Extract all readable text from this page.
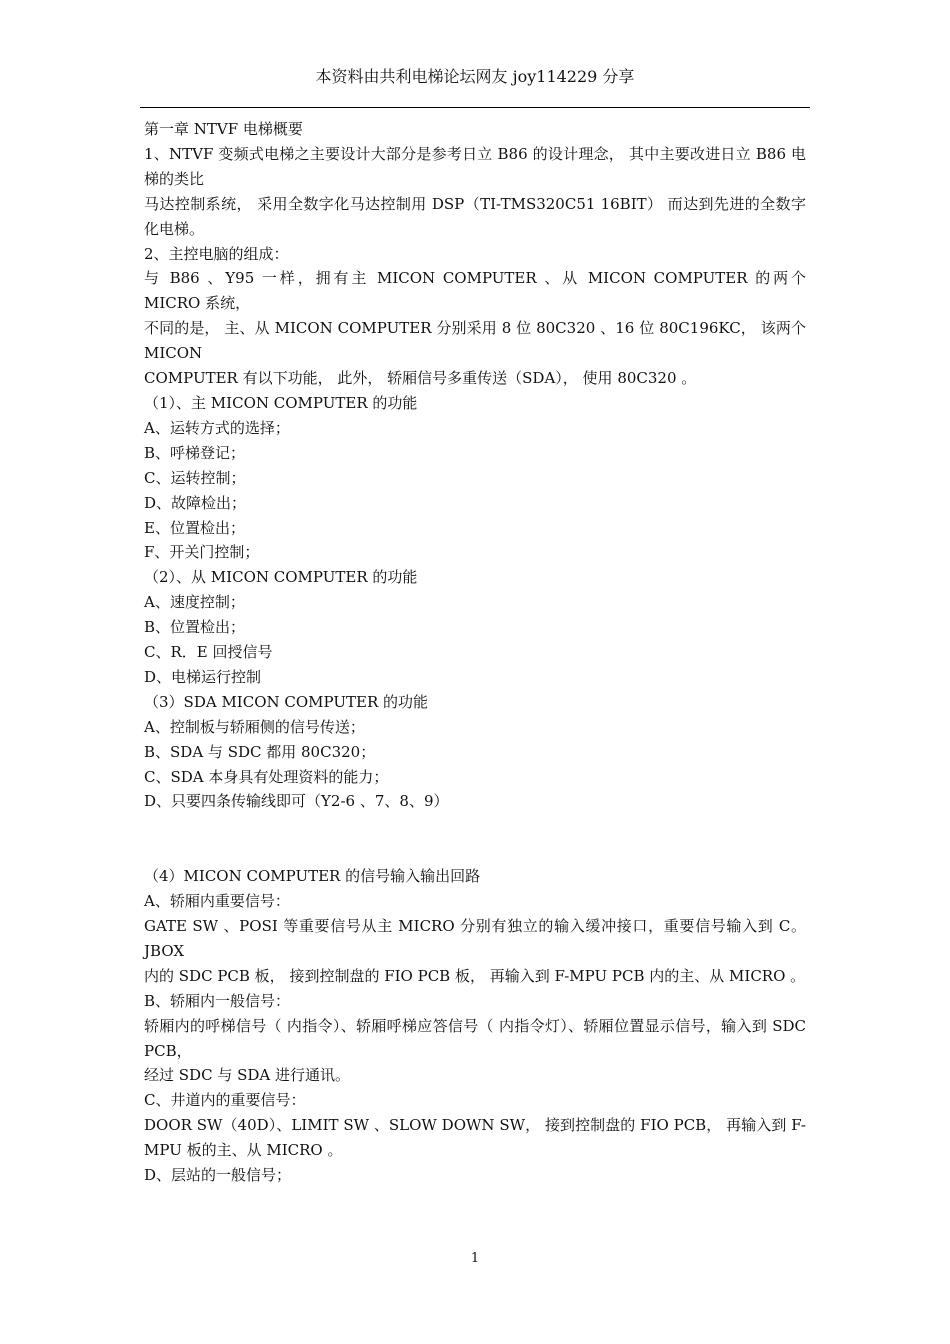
本资料由共利电梯论坛网友 joy114229 分享

第一章 NTVF 电梯概要

1、NTVF 变频式电梯之主要设计大部分是参考日立 B86 的设计理念， 其中主要改进日立 B86 电梯的类比

马达控制系统， 采用全数字化马达控制用 DSP（TI-TMS320C51 16BIT） 而达到先进的全数字化电梯。

2、主控电脑的组成：

与 B86 、Y95 一样，拥有主 MICON COMPUTER 、从 MICON COMPUTER 的两个 MICRO 系统，

不同的是， 主、从 MICON COMPUTER 分别采用 8 位 80C320 、16 位 80C196KC， 该两个 MICON

COMPUTER 有以下功能， 此外， 轿厢信号多重传送（SDA）， 使用 80C320 。

（1）、主 MICON COMPUTER 的功能

A、运转方式的选择；

B、呼梯登记；

C、运转控制；

D、故障检出；

E、位置检出；

F、开关门控制；

（2）、从 MICON COMPUTER 的功能

A、速度控制；

B、位置检出；

C、R．E 回授信号

D、电梯运行控制

（3）SDA MICON COMPUTER 的功能

A、控制板与轿厢侧的信号传送；

B、SDA 与 SDC 都用 80C320；

C、SDA 本身具有处理资料的能力；

D、只要四条传输线即可（Y2-6 、7、8、9）

（4）MICON COMPUTER 的信号输入输出回路

A、轿厢内重要信号：

GATE SW 、POSI 等重要信号从主 MICRO 分别有独立的输入缓冲接口，重要信号输入到 C。JBOX

内的 SDC PCB 板， 接到控制盘的 FIO PCB 板， 再输入到 F-MPU PCB 内的主、从 MICRO 。

B、轿厢内一般信号：

轿厢内的呼梯信号（ 内指令）、轿厢呼梯应答信号（ 内指令灯）、轿厢位置显示信号，输入到 SDC PCB，

经过 SDC 与 SDA 进行通讯。

C、井道内的重要信号：

DOOR SW（40D）、LIMIT SW 、SLOW DOWN SW， 接到控制盘的 FIO PCB， 再输入到 F-MPU 板的主、从 MICRO 。

D、层站的一般信号；

1
